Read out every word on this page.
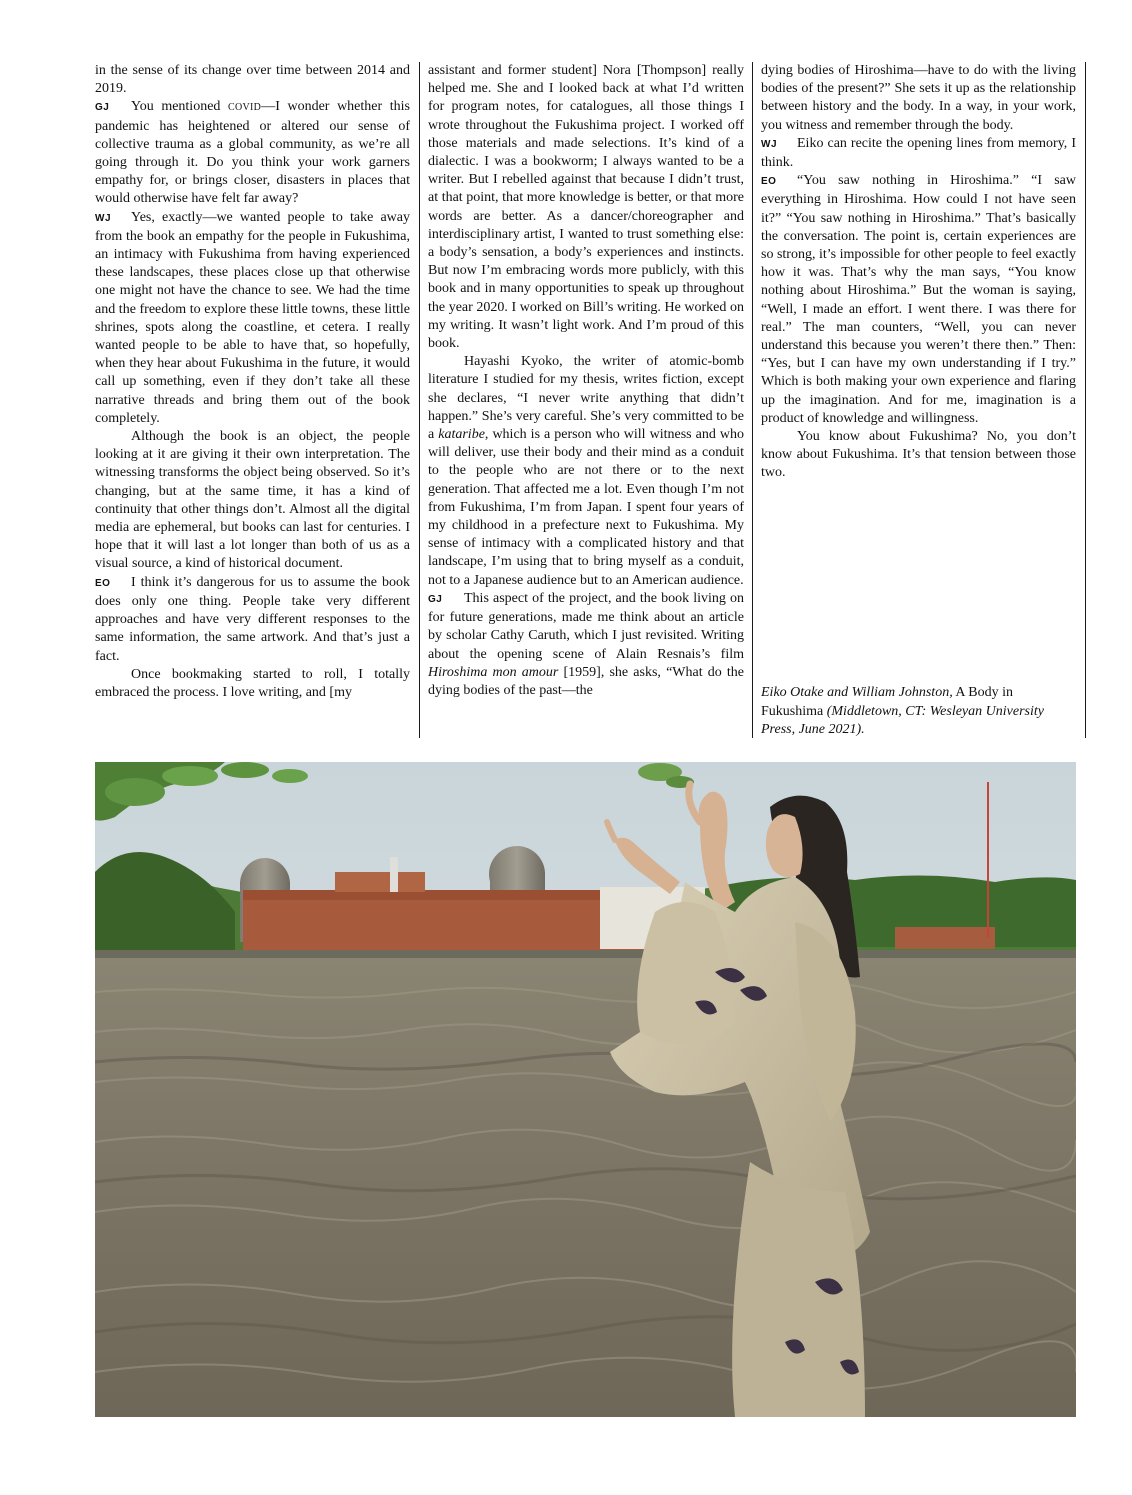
in the sense of its change over time between 2014 and 2019.

GJ You mentioned covid—I wonder whether this pandemic has heightened or altered our sense of collective trauma as a global community, as we’re all going through it. Do you think your work garners empathy for, or brings closer, disasters in places that would otherwise have felt far away?

WJ Yes, exactly—we wanted people to take away from the book an empathy for the people in Fukushima, an intimacy with Fukushima from having experienced these landscapes, these places close up that otherwise one might not have the chance to see. We had the time and the freedom to explore these little towns, these little shrines, spots along the coastline, et cetera. I really wanted people to be able to have that, so hopefully, when they hear about Fukushima in the future, it would call up something, even if they don’t take all these narrative threads and bring them out of the book completely.

Although the book is an object, the people looking at it are giving it their own interpretation. The witnessing transforms the object being observed. So it’s changing, but at the same time, it has a kind of continuity that other things don’t. Almost all the digital media are ephemeral, but books can last for centuries. I hope that it will last a lot longer than both of us as a visual source, a kind of historical document.

EO I think it’s dangerous for us to assume the book does only one thing. People take very different approaches and have very different responses to the same information, the same artwork. And that’s just a fact.

Once bookmaking started to roll, I totally embraced the process. I love writing, and [my

assistant and former student] Nora [Thompson] really helped me. She and I looked back at what I’d written for program notes, for catalogues, all those things I wrote throughout the Fukushima project. I worked off those materials and made selections. It’s kind of a dialectic. I was a bookworm; I always wanted to be a writer. But I rebelled against that because I didn’t trust, at that point, that more knowledge is better, or that more words are better. As a dancer/choreographer and interdisciplinary artist, I wanted to trust something else: a body’s sensation, a body’s experiences and instincts. But now I’m embracing words more publicly, with this book and in many opportunities to speak up throughout the year 2020. I worked on Bill’s writing. He worked on my writing. It wasn’t light work. And I’m proud of this book.

Hayashi Kyoko, the writer of atomic-bomb literature I studied for my thesis, writes fiction, except she declares, “I never write anything that didn’t happen.” She’s very careful. She’s very committed to be a kataribe, which is a person who will witness and who will deliver, use their body and their mind as a conduit to the people who are not there or to the next generation. That affected me a lot. Even though I’m not from Fukushima, I’m from Japan. I spent four years of my childhood in a prefecture next to Fukushima. My sense of intimacy with a complicated history and that landscape, I’m using that to bring myself as a conduit, not to a Japanese audience but to an American audience.

GJ This aspect of the project, and the book living on for future generations, made me think about an article by scholar Cathy Caruth, which I just revisited. Writing about the opening scene of Alain Resnais’s film Hiroshima mon amour [1959], she asks, “What do the dying bodies of the past—the

dying bodies of Hiroshima—have to do with the living bodies of the present?” She sets it up as the relationship between history and the body. In a way, in your work, you witness and remember through the body.

WJ Eiko can recite the opening lines from memory, I think.

EO “You saw nothing in Hiroshima.” “I saw everything in Hiroshima. How could I not have seen it?” “You saw nothing in Hiroshima.” That’s basically the conversation. The point is, certain experiences are so strong, it’s impossible for other people to feel exactly how it was. That’s why the man says, “You know nothing about Hiroshima.” But the woman is saying, “Well, I made an effort. I went there. I was there for real.” The man counters, “Well, you can never understand this because you weren’t there then.” Then: “Yes, but I can have my own understanding if I try.” Which is both making your own experience and flaring up the imagination. And for me, imagination is a product of knowledge and willingness.

You know about Fukushima? No, you don’t know about Fukushima. It’s that tension between those two.

Eiko Otake and William Johnston, A Body in Fukushima (Middletown, CT: Wesleyan University Press, June 2021).
